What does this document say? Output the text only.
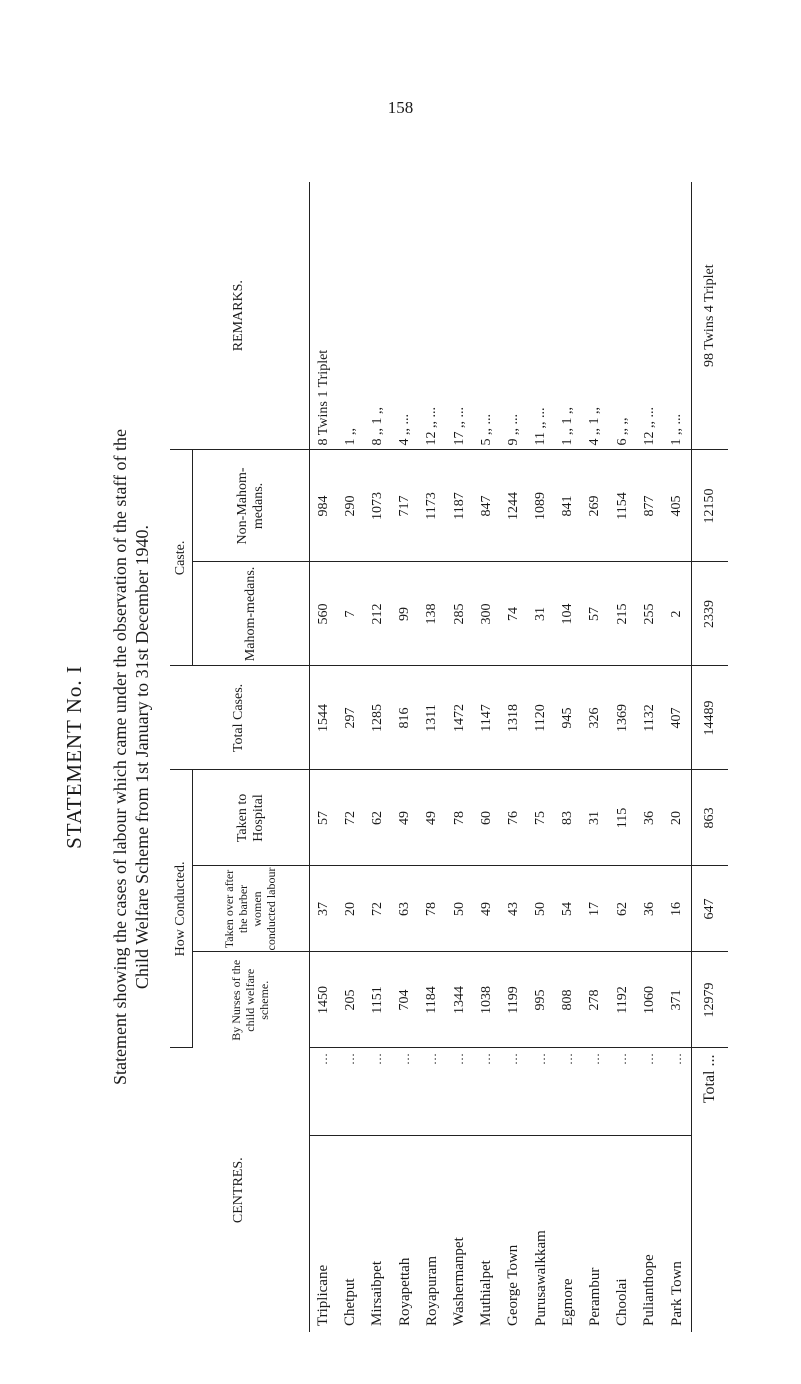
158
STATEMENT No. I Statement showing the cases of labour which came under the observation of the staff of the Child Welfare Scheme from 1st January to 31st December 1940.
CENTRES.		How Conducted.			Total Cases.	Caste.		REMARKS.
		By Nurses of the child welfare scheme.	Taken over after the barber women conducted labour	Taken to Hospital		Mahom-medans.	Non-Mahom-medans.	
Triplicane	...	1450	37	57	1544	560	984	8 Twins 1 Triplet
Chetput	...	205	20	72	297	7	290	1 ,,
Mirsaibpet	...	1151	72	62	1285	212	1073	8 ,, 1 ,,
Royapettah	...	704	63	49	816	99	717	4 ,, ...
Royapuram	...	1184	78	49	1311	138	1173	12 ,, ...
Washermanpet	...	1344	50	78	1472	285	1187	17 ,, ...
Muthialpet	...	1038	49	60	1147	300	847	5 ,, ...
George Town	...	1199	43	76	1318	74	1244	9 ,, ...
Purusawalkkam	...	995	50	75	1120	31	1089	11 ,, ...
Egmore	...	808	54	83	945	104	841	1 ,, 1 ,,
Perambur	...	278	17	31	326	57	269	4 ,, 1 ,,
Choolai	...	1192	62	115	1369	215	1154	6 ,, ,,
Pulianthope	...	1060	36	36	1132	255	877	12 ,, ...
Park Town	...	371	16	20	407	2	405	1 ,, ...
Total ...		12979	647	863	14489	2339	12150	98 Twins 4 Triplet
